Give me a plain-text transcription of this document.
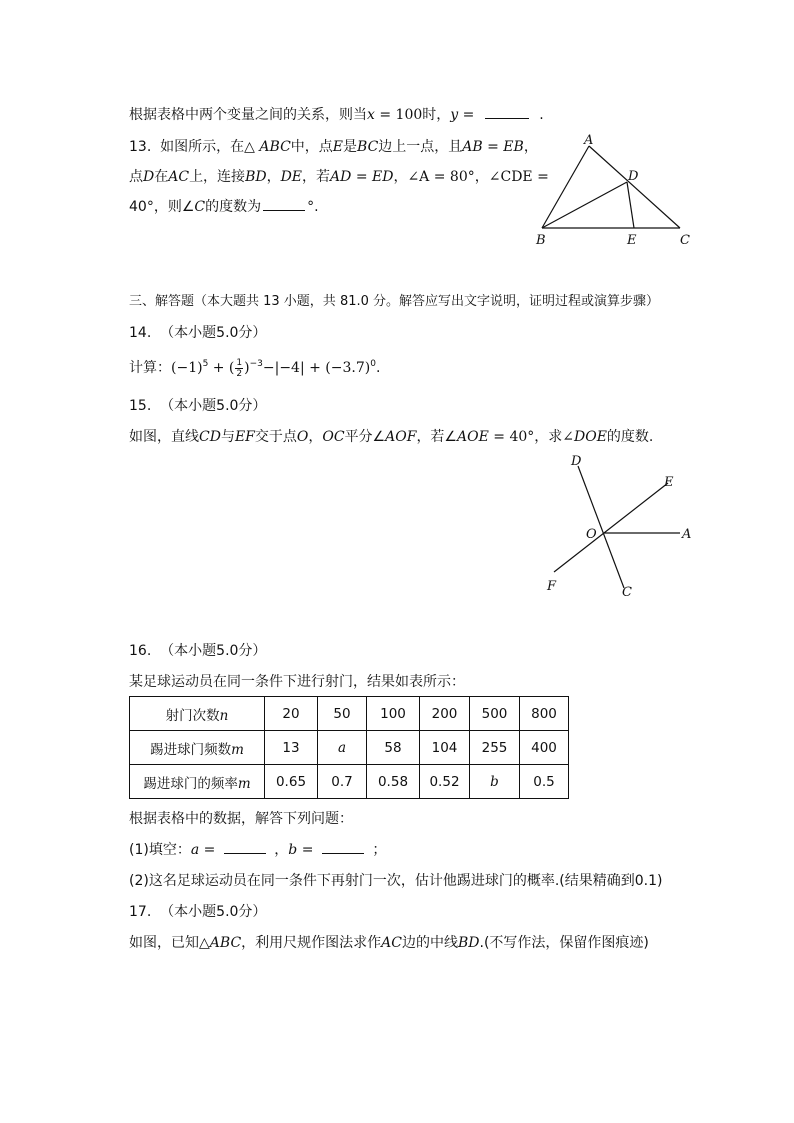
根据表格中两个变量之间的关系，则当x = 100时，y =	.
13. 如图所示，在△ ABC中，点E是BC边上一点，且AB = EB，
点D在AC上，连接BD，DE，若AD = ED，∠A = 80°，∠CDE =
40°，则∠C的度数为	°.
A
B	C
D
E
三、解答题（本大题共 13 小题，共 81.0 分。解答应写出文字说明，证明过程或演算步骤）
14. （本小题5.0分）
计算：$(-1)^5$ + ( $\frac{1}{2} )^{-3}-|-4| + (-3.7)^0$.
15. （本小题5.0分）
如图，直线CD与EF交于点O，OC平分∠AOF，若∠AOE = 40°，求∠DOE的度数.
D
E
O	A
F	C
16. （本小题5.0分）
某足球运动员在同一条件下进行射门，结果如表所示：
射门次数n	20	50	100	200	500	800
踢进球门频数m	13	a	58	104	255	400
踢进球门的频率m	0.65	0.7	0.58	0.52	b	0.5
根据表格中的数据，解答下列问题：
(1)填空：a =	，b =	；
(2)这名足球运动员在同一条件下再射门一次，估计他踢进球门的概率.(结果精确到0.1)
17. （本小题5.0分）
如图，已知△ABC，利用尺规作图法求作AC边的中线BD.(不写作法，保留作图痕迹)
